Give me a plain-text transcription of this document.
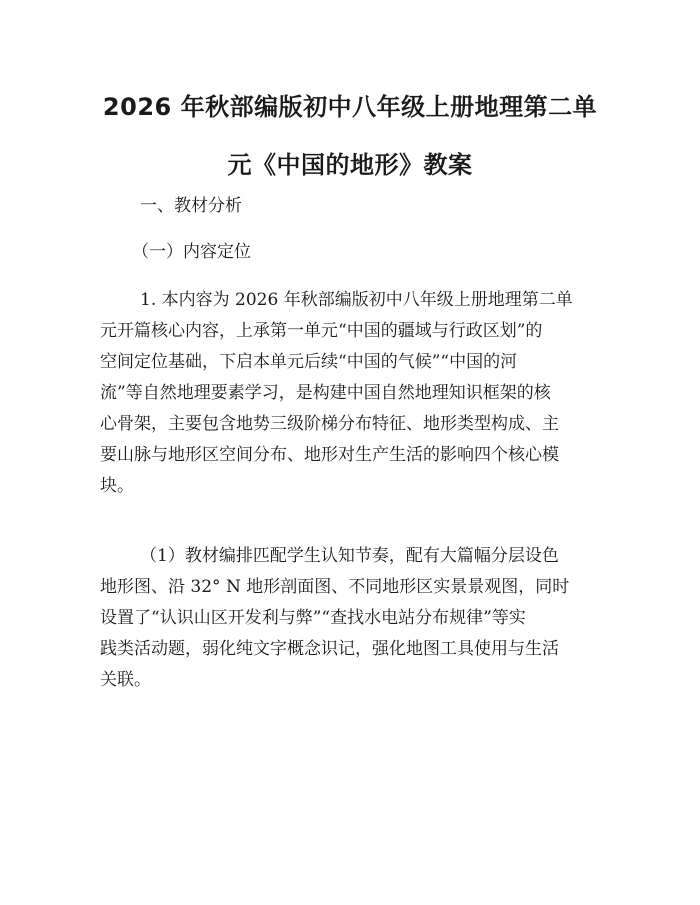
2026 年秋部编版初中八年级上册地理第二单
元《中国的地形》教案

一、教材分析

（一）内容定位

1. 本内容为 2026 年秋部编版初中八年级上册地理第二单
元开篇核心内容，上承第一单元“中国的疆域与行政区划”的
空间定位基础，下启本单元后续“中国的气候”“中国的河
流”等自然地理要素学习，是构建中国自然地理知识框架的核
心骨架，主要包含地势三级阶梯分布特征、地形类型构成、主
要山脉与地形区空间分布、地形对生产生活的影响四个核心模
块。
（1）教材编排匹配学生认知节奏，配有大篇幅分层设色
地形图、沿 32° N 地形剖面图、不同地形区实景景观图，同时
设置了“认识山区开发利与弊”“查找水电站分布规律”等实
践类活动题，弱化纯文字概念识记，强化地图工具使用与生活
关联。
